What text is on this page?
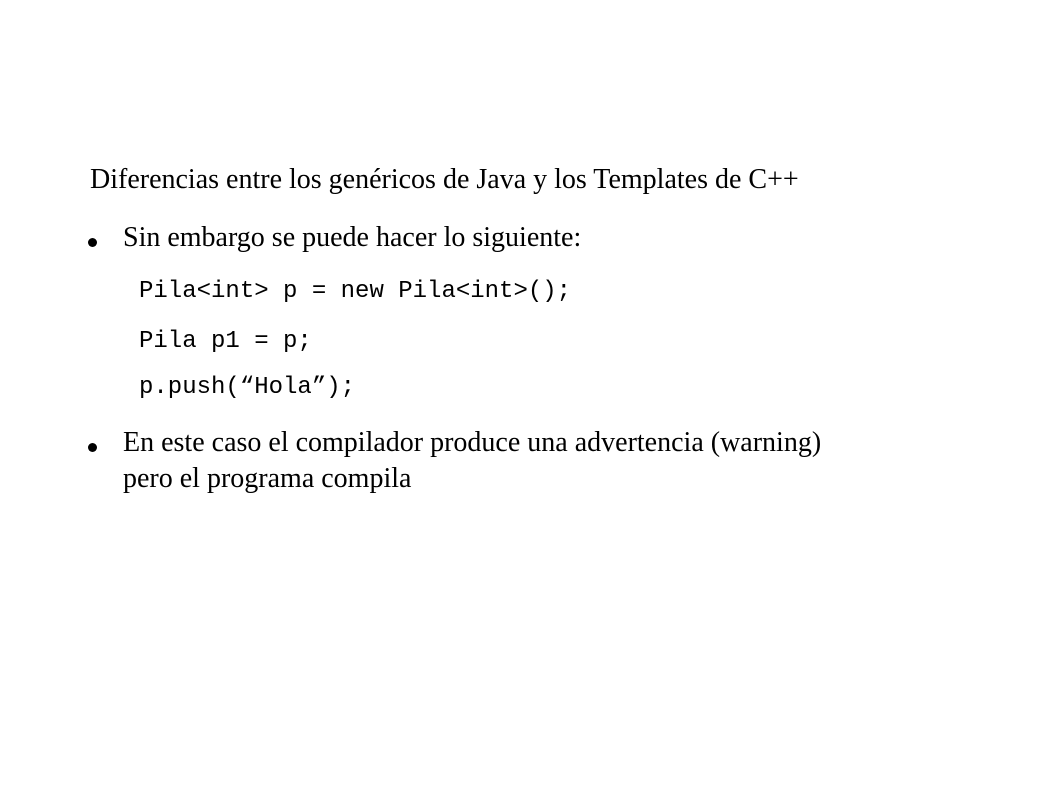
Diferencias entre los genéricos de Java y los Templates de C++
Sin embargo se puede hacer lo siguiente:
Pila<int> p = new Pila<int>();
Pila p1 = p;
p.push(“Hola”);
En este caso el compilador produce una advertencia (warning)
pero el programa compila
